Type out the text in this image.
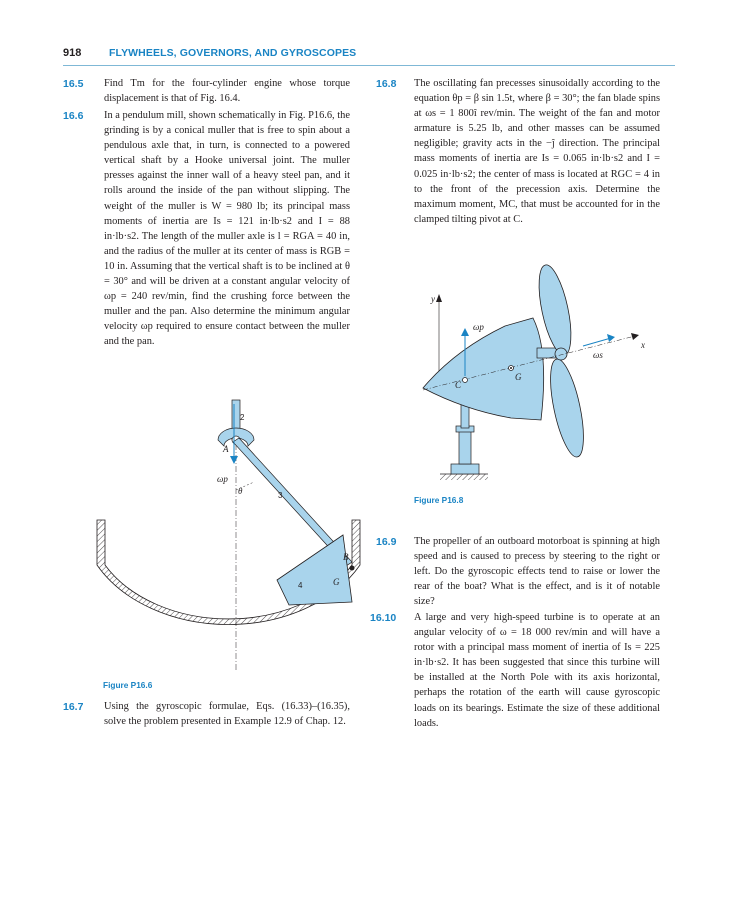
918	FLYWHEELS, GOVERNORS, AND GYROSCOPES
16.5 Find Tm for the four-cylinder engine whose torque displacement is that of Fig. 16.4.
16.6 In a pendulum mill, shown schematically in Fig. P16.6, the grinding is by a conical muller that is free to spin about a pendulous axle that, in turn, is connected to a powered vertical shaft by a Hooke universal joint. The muller presses against the inner wall of a heavy steel pan, and it rolls around the inside of the pan without slipping. The weight of the muller is W = 980 lb; its principal mass moments of inertia are Is = 121 in·lb·s2 and I = 88 in·lb·s2. The length of the muller axle is l = RGA = 40 in, and the radius of the muller at its center of mass is RGB = 10 in. Assuming that the vertical shaft is to be inclined at θ = 30° and will be driven at a constant angular velocity of ωp = 240 rev/min, find the crushing force between the muller and the pan. Also determine the minimum angular velocity ωp required to ensure contact between the muller and the pan.
2
A
ωp
θ	3
4
B
G
Figure P16.6
16.7 Using the gyroscopic formulae, Eqs. (16.33)–(16.35), solve the problem presented in Example 12.9 of Chap. 12.
16.8 The oscillating fan precesses sinusoidally according to the equation θp = β sin 1.5t, where β = 30°; the fan blade spins at ωs = 1 800î rev/min. The weight of the fan and motor armature is 5.25 lb, and other masses can be assumed negligible; gravity acts in the −ĵ direction. The principal mass moments of inertia are Is = 0.065 in·lb·s2 and I = 0.025 in·lb·s2; the center of mass is located at RGC = 4 in to the front of the precession axis. Determine the maximum moment, MC, that must be accounted for in the clamped tilting pivot at C.
y
ωp
x
ωs
C
G
Figure P16.8
16.9 The propeller of an outboard motorboat is spinning at high speed and is caused to precess by steering to the right or left. Do the gyroscopic effects tend to raise or lower the rear of the boat? What is the effect, and is it of notable size?
16.10 A large and very high-speed turbine is to operate at an angular velocity of ω = 18 000 rev/min and will have a rotor with a principal mass moment of inertia of Is = 225 in·lb·s2. It has been suggested that since this turbine will be installed at the North Pole with its axis horizontal, perhaps the rotation of the earth will cause gyroscopic loads on its bearings. Estimate the size of these additional loads.
